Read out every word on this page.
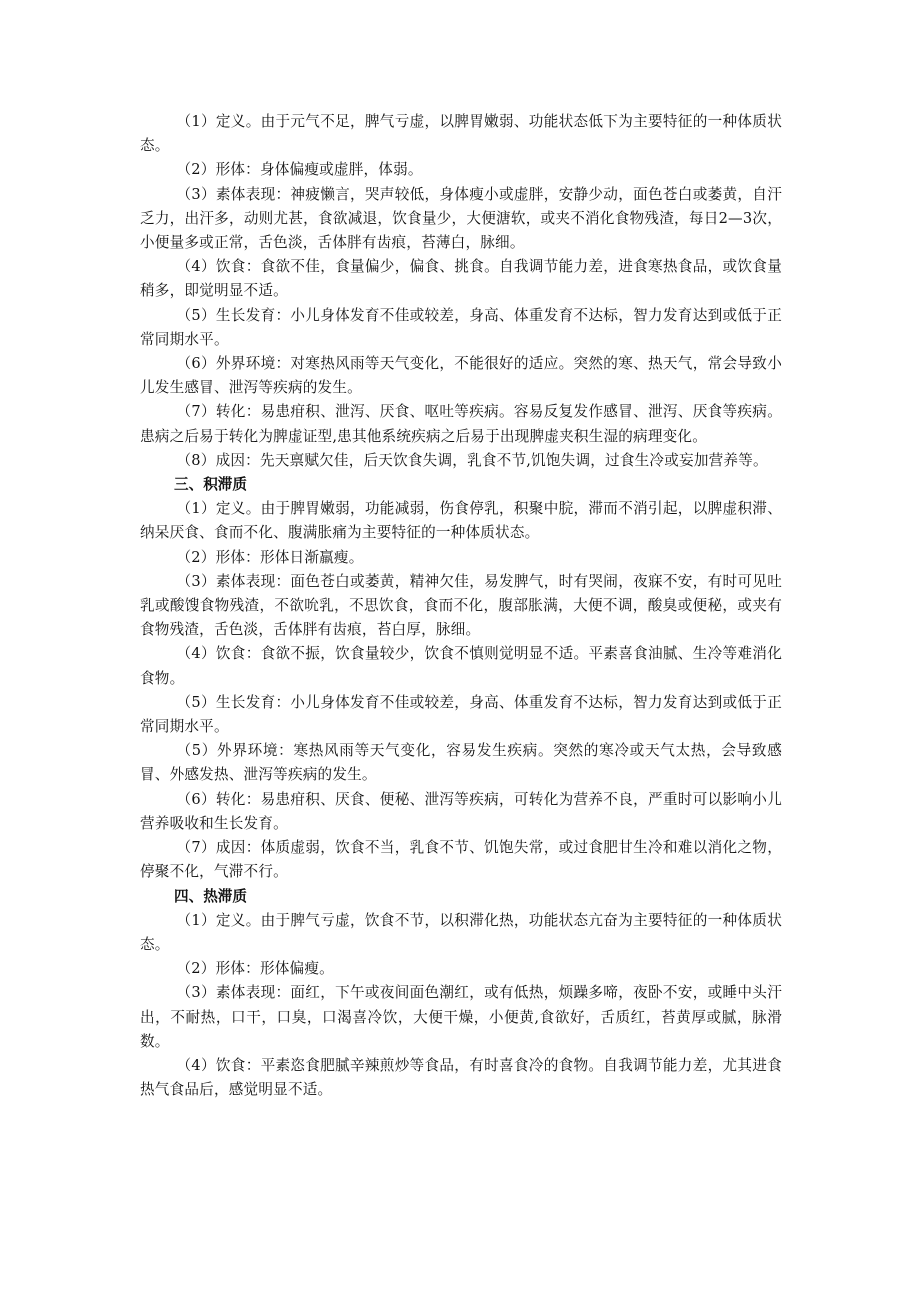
（1）定义。由于元气不足，脾气亏虚，以脾胃嫩弱、功能状态低下为主要特征的一种体质状态。

（2）形体：身体偏瘦或虚胖，体弱。

（3）素体表现：神疲懒言，哭声较低，身体瘦小或虚胖，安静少动，面色苍白或萎黄，自汗乏力，出汗多，动则尤甚，食欲减退，饮食量少，大便溏软，或夹不消化食物残渣，每日2—3次，小便量多或正常，舌色淡，舌体胖有齿痕，苔薄白，脉细。

（4）饮食：食欲不佳，食量偏少，偏食、挑食。自我调节能力差，进食寒热食品，或饮食量稍多，即觉明显不适。

（5）生长发育：小儿身体发育不佳或较差，身高、体重发育不达标，智力发育达到或低于正常同期水平。

（6）外界环境：对寒热风雨等天气变化，不能很好的适应。突然的寒、热天气，常会导致小儿发生感冒、泄泻等疾病的发生。

（7）转化：易患疳积、泄泻、厌食、呕吐等疾病。容易反复发作感冒、泄泻、厌食等疾病。患病之后易于转化为脾虚证型,患其他系统疾病之后易于出现脾虚夹积生湿的病理变化。

（8）成因：先天禀赋欠佳，后天饮食失调，乳食不节,饥饱失调，过食生冷或妄加营养等。

三、积滞质

（1）定义。由于脾胃嫩弱，功能减弱，伤食停乳，积聚中脘，滞而不消引起，以脾虚积滞、纳呆厌食、食而不化、腹满胀痛为主要特征的一种体质状态。

（2）形体：形体日渐羸瘦。

（3）素体表现：面色苍白或萎黄，精神欠佳，易发脾气，时有哭闹，夜寐不安，有时可见吐乳或酸馊食物残渣，不欲吮乳，不思饮食，食而不化，腹部胀满，大便不调，酸臭或便秘，或夹有食物残渣，舌色淡，舌体胖有齿痕，苔白厚，脉细。

（4）饮食：食欲不振，饮食量较少，饮食不慎则觉明显不适。平素喜食油腻、生冷等难消化食物。

（5）生长发育：小儿身体发育不佳或较差，身高、体重发育不达标，智力发育达到或低于正常同期水平。

（5）外界环境：寒热风雨等天气变化，容易发生疾病。突然的寒冷或天气太热，会导致感冒、外感发热、泄泻等疾病的发生。

（6）转化：易患疳积、厌食、便秘、泄泻等疾病，可转化为营养不良，严重时可以影响小儿营养吸收和生长发育。

（7）成因：体质虚弱，饮食不当，乳食不节、饥饱失常，或过食肥甘生冷和难以消化之物，停聚不化，气滞不行。

四、热滞质

（1）定义。由于脾气亏虚，饮食不节，以积滞化热，功能状态亢奋为主要特征的一种体质状态。

（2）形体：形体偏瘦。

（3）素体表现：面红，下午或夜间面色潮红，或有低热，烦躁多啼，夜卧不安，或睡中头汗出，不耐热，口干，口臭，口渴喜冷饮，大便干燥，小便黄,食欲好，舌质红，苔黄厚或腻，脉滑数。

（4）饮食：平素恣食肥腻辛辣煎炒等食品，有时喜食冷的食物。自我调节能力差，尤其进食热气食品后，感觉明显不适。
